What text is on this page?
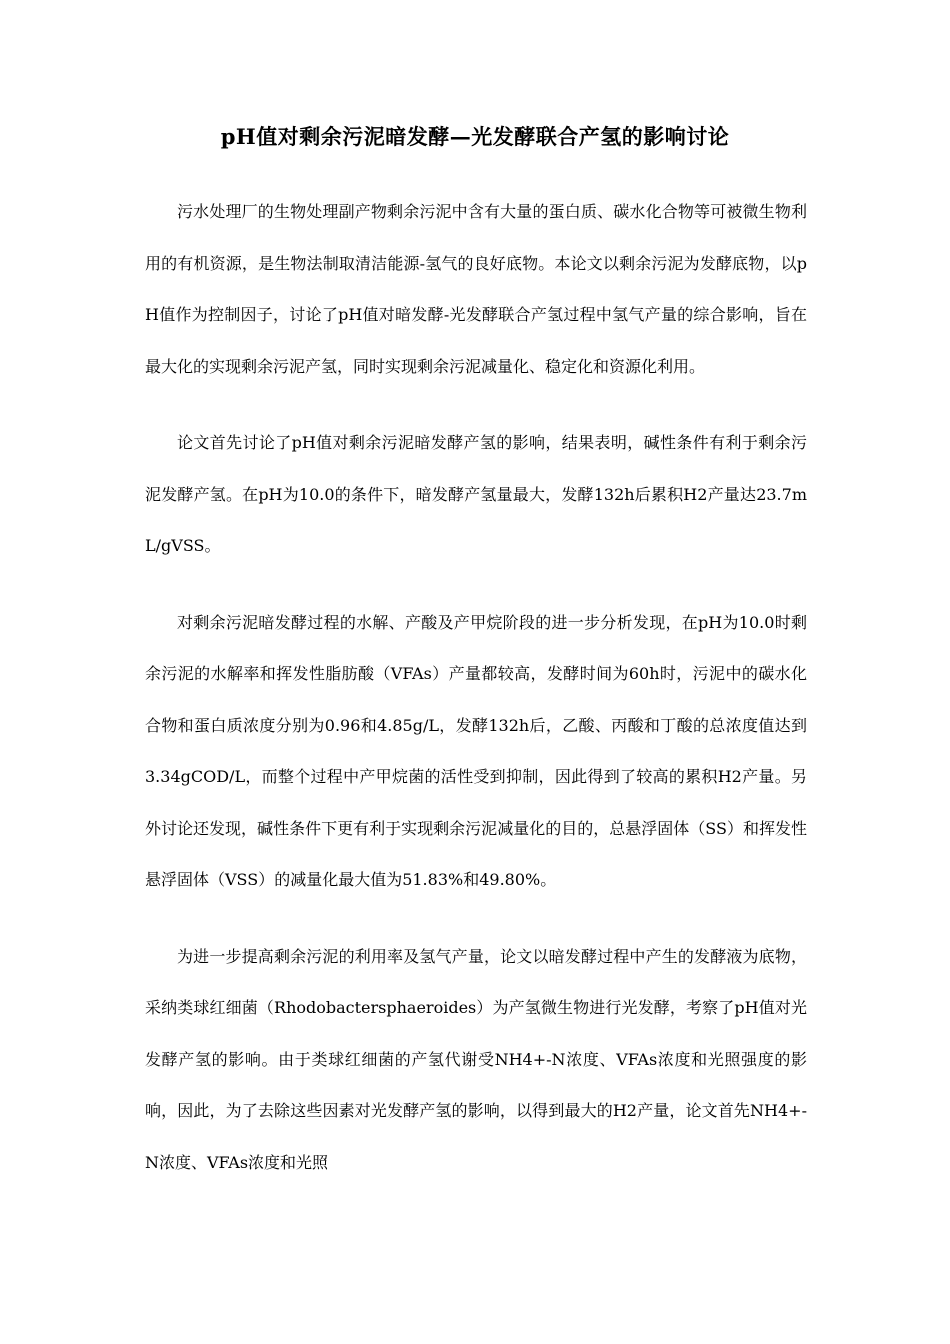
pH值对剩余污泥暗发酵—光发酵联合产氢的影响讨论

污水处理厂的生物处理副产物剩余污泥中含有大量的蛋白质、碳水化合物等可被微生物利用的有机资源，是生物法制取清洁能源-氢气的良好底物。本论文以剩余污泥为发酵底物，以pH值作为控制因子，讨论了pH值对暗发酵-光发酵联合产氢过程中氢气产量的综合影响，旨在最大化的实现剩余污泥产氢，同时实现剩余污泥减量化、稳定化和资源化利用。

论文首先讨论了pH值对剩余污泥暗发酵产氢的影响，结果表明，碱性条件有利于剩余污泥发酵产氢。在pH为10.0的条件下，暗发酵产氢量最大，发酵132h后累积H2产量达23.7mL/gVSS。

对剩余污泥暗发酵过程的水解、产酸及产甲烷阶段的进一步分析发现，在pH为10.0时剩余污泥的水解率和挥发性脂肪酸（VFAs）产量都较高，发酵时间为60h时，污泥中的碳水化合物和蛋白质浓度分别为0.96和4.85g/L，发酵132h后，乙酸、丙酸和丁酸的总浓度值达到3.34gCOD/L，而整个过程中产甲烷菌的活性受到抑制，因此得到了较高的累积H2产量。另外讨论还发现，碱性条件下更有利于实现剩余污泥减量化的目的，总悬浮固体（SS）和挥发性悬浮固体（VSS）的减量化最大值为51.83%和49.80%。

为进一步提高剩余污泥的利用率及氢气产量，论文以暗发酵过程中产生的发酵液为底物，采纳类球红细菌（Rhodobactersphaeroides）为产氢微生物进行光发酵，考察了pH值对光发酵产氢的影响。由于类球红细菌的产氢代谢受NH4+-N浓度、VFAs浓度和光照强度的影响，因此，为了去除这些因素对光发酵产氢的影响，以得到最大的H2产量，论文首先NH4+-N浓度、VFAs浓度和光照
